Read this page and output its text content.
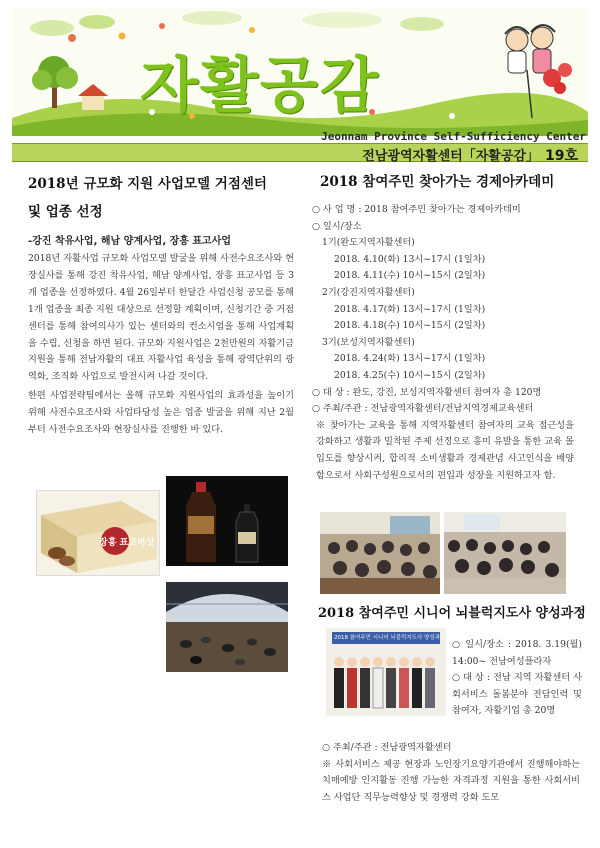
자활공감
Jeonnam Province Self-Sufficiency Center
전남광역자활센터「자활공감」 19호
2018년 규모화 지원 사업모델 거점센터
및 업종 선정
-강진 착유사업, 해남 양계사업, 장흥 표고사업

2018년 자활사업 규모화 사업모델 발굴을 위해 사전수요조사와 현장실사를 통해 강진 착유사업, 해남 양계사업, 장흥 표고사업 등 3개 업종을 선정하였다. 4월 26일부터 한달간 사업신청 공모를 통해 1개 업종을 최종 지원 대상으로 선정할 계획이며, 신청기간 중 거점센터를 통해 참여의사가 있는 센터와의 컨소시엄을 통해 사업계획을 수립, 신청을 하면 된다. 규모화 지원사업은 2천만원의 자활기금 지원을 통해 전남자활의 대표 자활사업 육성을 통해 광역단위의 광역화, 조직화 사업으로 발전시켜 나갈 것이다.

한편 사업전략팀에서는 올해 규모화 지원사업의 효과성을 높이기 위해 사전수요조사와 사업타당성 높은 업종 발굴을 위해 지난 2월부터 사전수요조사와 현장실사를 진행한 바 있다.

장흥 표고버섯
2018 참여주민 찾아가는 경제아카데미
○ 사 업 명 : 2018 참여주민 찾아가는 경제아카데미
○ 일시/장소
1기(완도지역자활센터)
2018. 4.10(화) 13시~17시 (1일차)
2018. 4.11(수) 10시~15시 (2일차)
2기(강진지역자활센터)
2018. 4.17(화) 13시~17시 (1일차)
2018. 4.18(수) 10시~15시 (2일차)
3기(보성지역자활센터)
2018. 4.24(화) 13시~17시 (1일차)
2018. 4.25(수) 10시~15시 (2일차)
○ 대 상 : 완도, 강진, 보성지역자활센터 참여자 총 120명
○ 주최/주관 : 전남광역자활센터/전남지역경제교육센터
※ 찾아가는 교육을 통해 지역자활센터 참여자의 교육 접근성을 강화하고 생활과 밀착된 주제 선정으로 흥미 유발을 통한 교육 몰입도를 향상시켜, 합리적 소비생활과 경제관념 사고인식을 배양함으로서 사회구성원으로서의 편입과 성장을 지원하고자 함.
2018 참여주민 시니어 뇌블럭지도사 양성과정
2018 참여주민 시니어 뇌블럭지도사 양성과정
○ 일시/장소 : 2018. 3.19(월) 14:00~ 전남여성플라자
○ 대 상 : 전남 지역 자활센터 사회서비스 돌봄분야 전담인력 및참여자, 자활기업 총 20명
○ 주최/주관 : 전남광역자활센터
※ 사회서비스 제공 현장과 노인장기요양기관에서 진행해야하는 치매예방 인지활동 진행 가능한 자격과정 지원을 통한 사회서비스 사업단 직무능력향상 및 경쟁력 강화 도모
